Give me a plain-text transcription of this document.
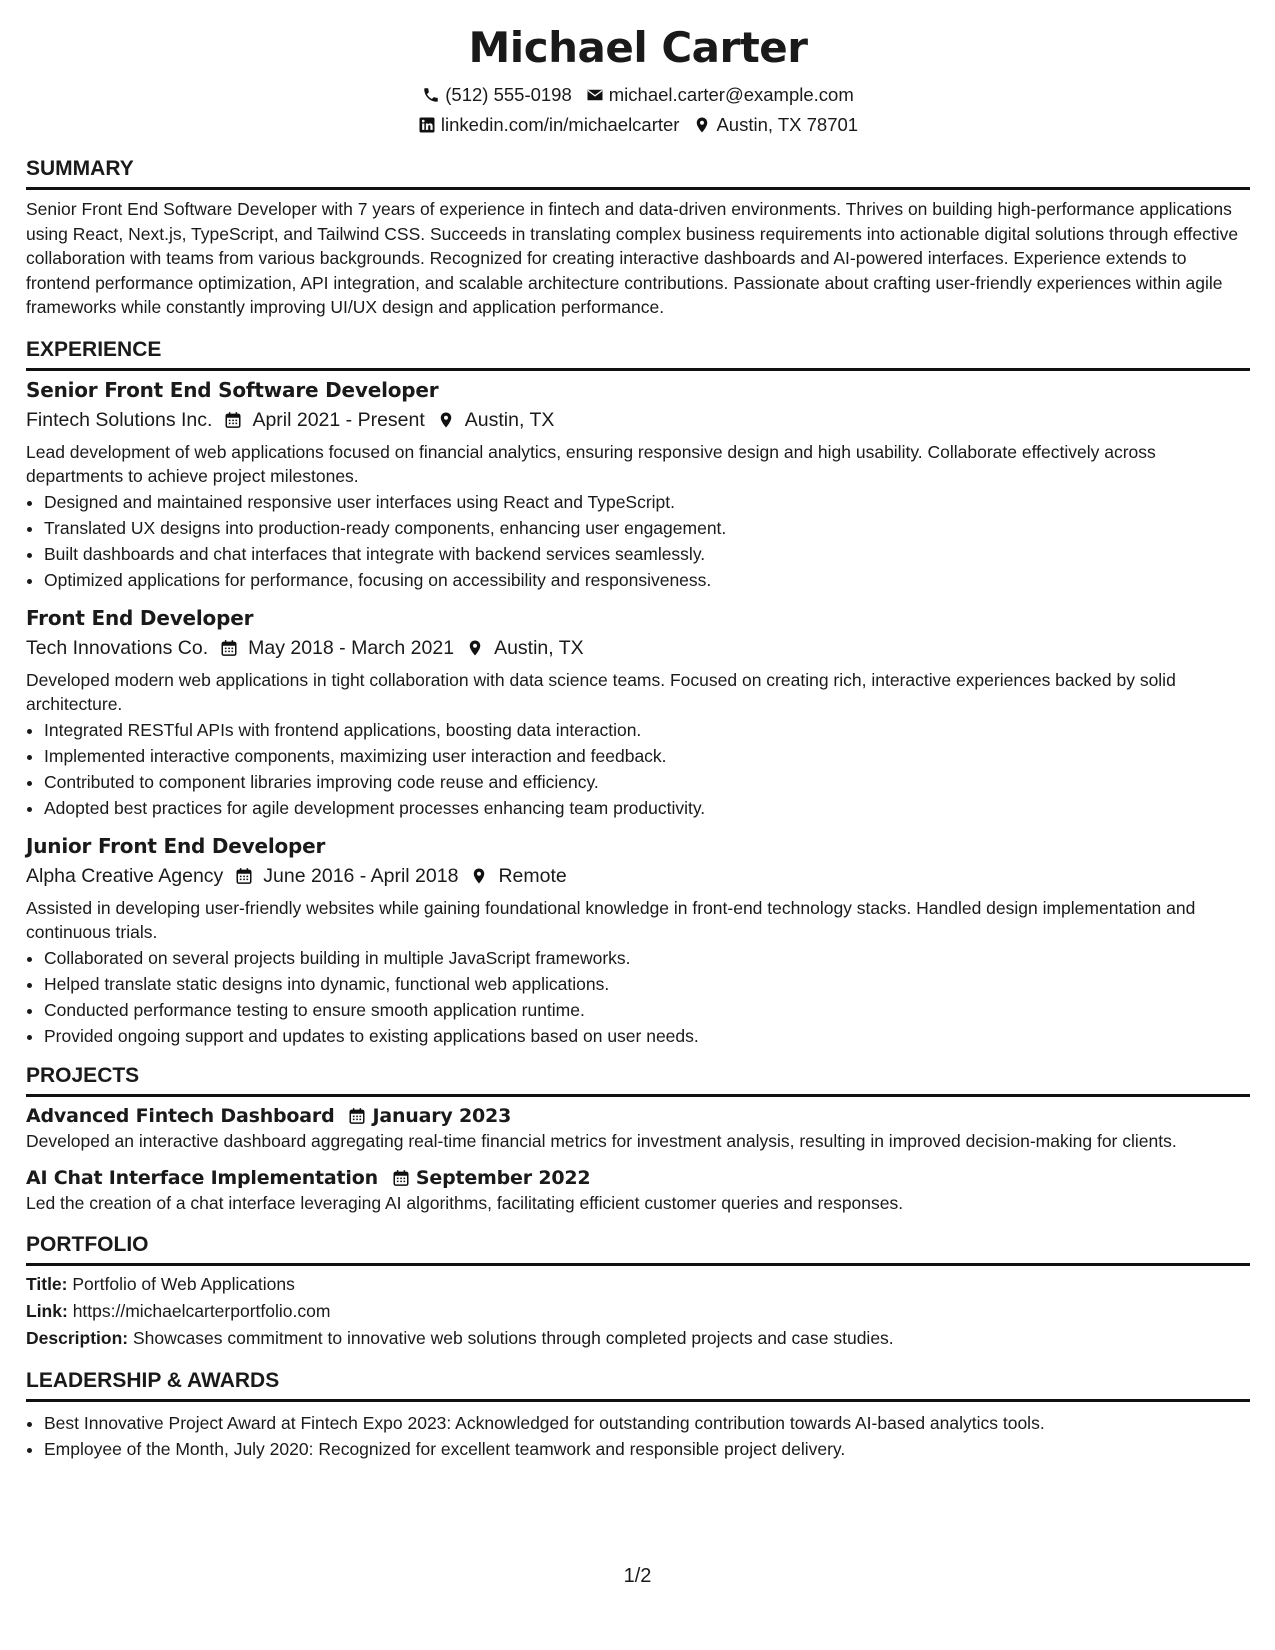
Michael Carter
(512) 555-0198 michael.carter@example.com
linkedin.com/in/michaelcarter Austin, TX 78701
SUMMARY
Senior Front End Software Developer with 7 years of experience in fintech and data-driven environments. Thrives on building high-performance applications using React, Next.js, TypeScript, and Tailwind CSS. Succeeds in translating complex business requirements into actionable digital solutions through effective collaboration with teams from various backgrounds. Recognized for creating interactive dashboards and AI-powered interfaces. Experience extends to frontend performance optimization, API integration, and scalable architecture contributions. Passionate about crafting user-friendly experiences within agile frameworks while constantly improving UI/UX design and application performance.
EXPERIENCE
Senior Front End Software Developer
Fintech Solutions Inc. April 2021 - Present Austin, TX
Lead development of web applications focused on financial analytics, ensuring responsive design and high usability. Collaborate effectively across departments to achieve project milestones.
• Designed and maintained responsive user interfaces using React and TypeScript.
• Translated UX designs into production-ready components, enhancing user engagement.
• Built dashboards and chat interfaces that integrate with backend services seamlessly.
• Optimized applications for performance, focusing on accessibility and responsiveness.
Front End Developer
Tech Innovations Co. May 2018 - March 2021 Austin, TX
Developed modern web applications in tight collaboration with data science teams. Focused on creating rich, interactive experiences backed by solid architecture.
• Integrated RESTful APIs with frontend applications, boosting data interaction.
• Implemented interactive components, maximizing user interaction and feedback.
• Contributed to component libraries improving code reuse and efficiency.
• Adopted best practices for agile development processes enhancing team productivity.
Junior Front End Developer
Alpha Creative Agency June 2016 - April 2018 Remote
Assisted in developing user-friendly websites while gaining foundational knowledge in front-end technology stacks. Handled design implementation and continuous trials.
• Collaborated on several projects building in multiple JavaScript frameworks.
• Helped translate static designs into dynamic, functional web applications.
• Conducted performance testing to ensure smooth application runtime.
• Provided ongoing support and updates to existing applications based on user needs.
PROJECTS
Advanced Fintech Dashboard January 2023
Developed an interactive dashboard aggregating real-time financial metrics for investment analysis, resulting in improved decision-making for clients.
AI Chat Interface Implementation September 2022
Led the creation of a chat interface leveraging AI algorithms, facilitating efficient customer queries and responses.
PORTFOLIO
Title: Portfolio of Web Applications
Link: https://michaelcarterportfolio.com
Description: Showcases commitment to innovative web solutions through completed projects and case studies.
LEADERSHIP & AWARDS
• Best Innovative Project Award at Fintech Expo 2023: Acknowledged for outstanding contribution towards AI-based analytics tools.
• Employee of the Month, July 2020: Recognized for excellent teamwork and responsible project delivery.
1/2
